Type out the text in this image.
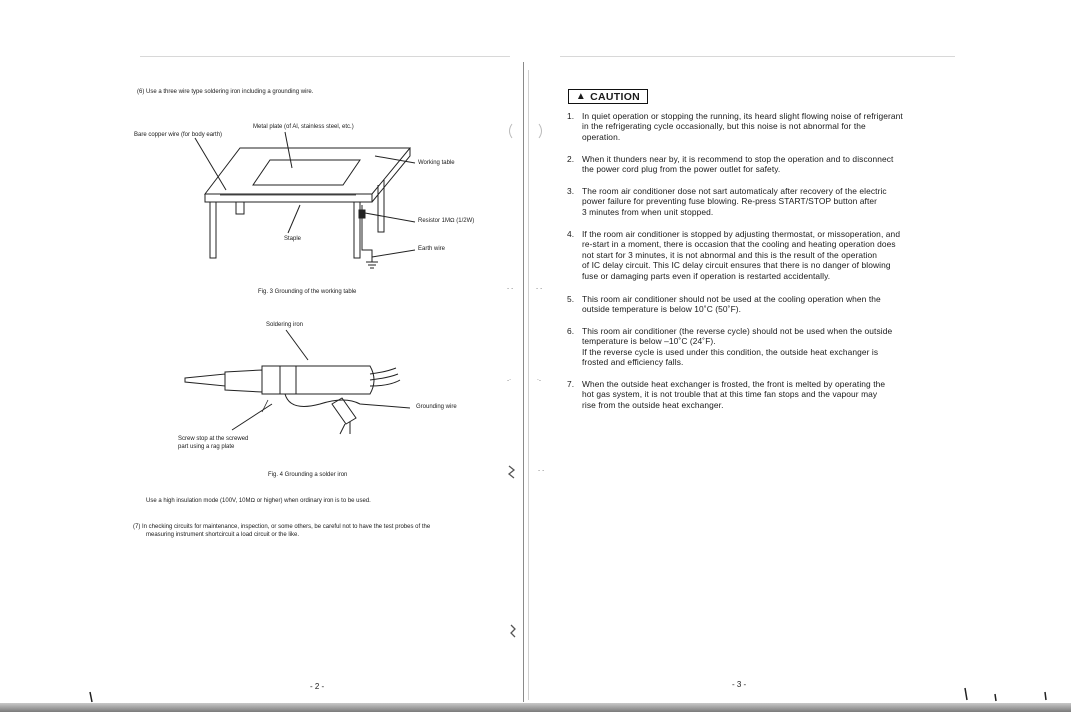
- -	- -
-·	·-
- -
(6) Use a three wire type soldering iron including a grounding wire.
Bare copper wire (for body earth)
Metal plate (of Al, stainless steel, etc.)
Working table
Resistor 1MΩ (1/2W)
Staple
Earth wire
Fig. 3 Grounding of the working table
Soldering iron
Grounding wire
Screw stop at the screwed
part using a rag plate
Fig. 4 Grounding a solder iron
Use a high insulation mode (100V, 10MΩ or higher) when ordinary iron is to be used.
(7) In checking circuits for maintenance, inspection, or some others, be careful not to have the test probes of the
measuring instrument shortcircuit a load circuit or the like.
- 2 -
▲ CAUTION
1. In quiet operation or stopping the running, its heard slight flowing noise of refrigerant
in the refrigerating cycle occasionally, but this noise is not abnormal for the
operation.
2. When it thunders near by, it is recommend to stop the operation and to disconnect
the power cord plug from the power outlet for safety.
3. The room air conditioner dose not sart automaticaly after recovery of the electric
power failure for preventing fuse blowing. Re-press START/STOP button after
3 minutes from when unit stopped.
4. If the room air conditioner is stopped by adjusting thermostat, or missoperation, and
re-start in a moment, there is occasion that the cooling and heating operation does
not start for 3 minutes, it is not abnormal and this is the result of the operation
of IC delay circuit. This IC delay circuit ensures that there is no danger of blowing
fuse or damaging parts even if operation is restarted accidentally.
5. This room air conditioner should not be used at the cooling operation when the
outside temperature is below 10˚C (50˚F).
6. This room air conditioner (the reverse cycle) should not be used when the outside
temperature is below –10˚C (24˚F).
If the reverse cycle is used under this condition, the outside heat exchanger is
frosted and efficiency falls.
7. When the outside heat exchanger is frosted, the front is melted by operating the
hot gas system, it is not trouble that at this time fan stops and the vapour may
rise from the outside heat exchanger.
- 3 -
